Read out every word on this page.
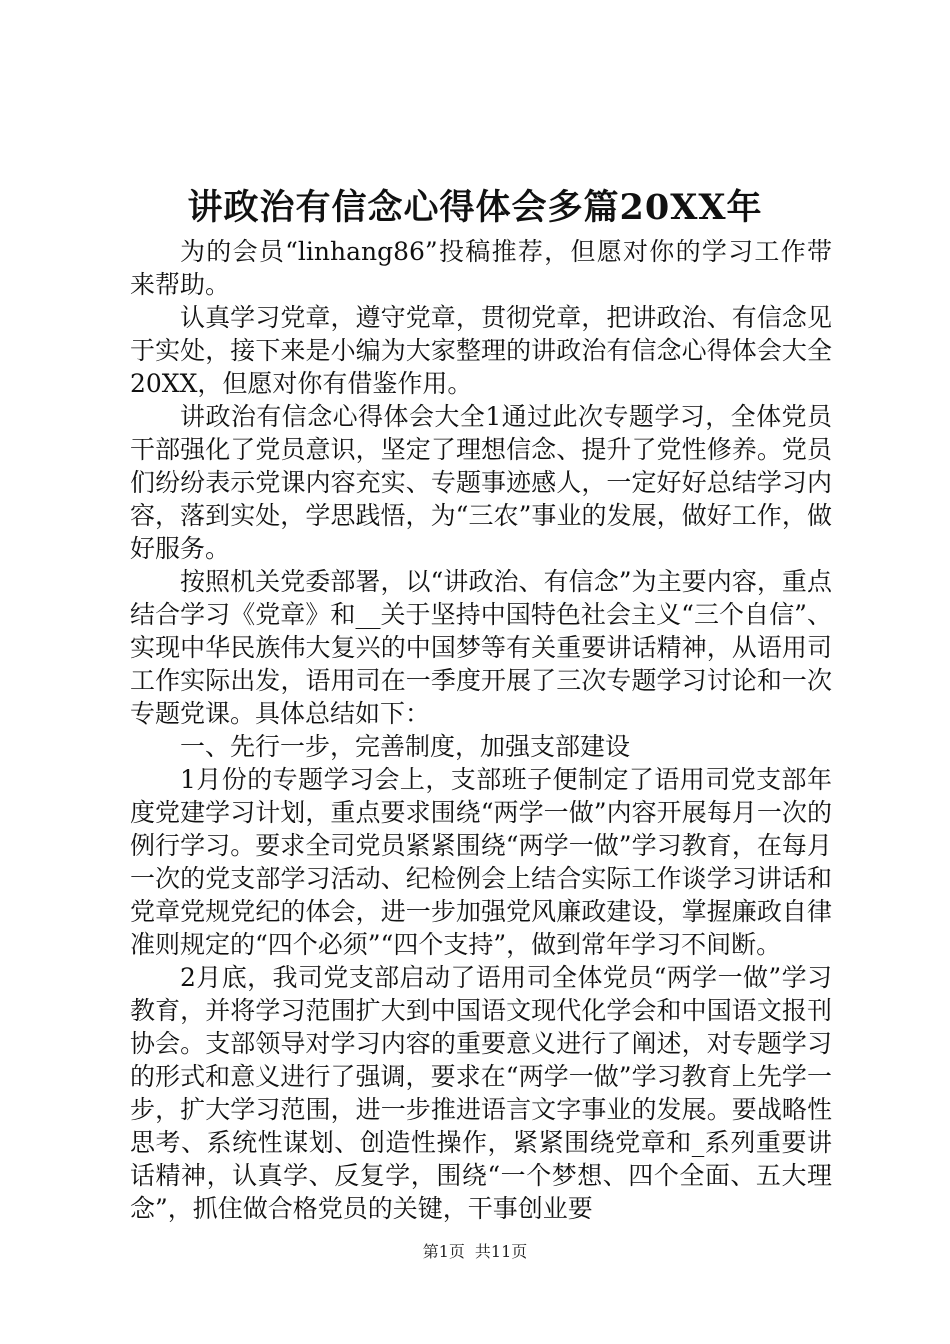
讲政治有信念心得体会多篇20XX年

为的会员“linhang86”投稿推荐，但愿对你的学习工作带来帮助。

认真学习党章，遵守党章，贯彻党章，把讲政治、有信念见于实处，接下来是小编为大家整理的讲政治有信念心得体会大全20XX，但愿对你有借鉴作用。

讲政治有信念心得体会大全1通过此次专题学习，全体党员干部强化了党员意识，坚定了理想信念、提升了党性修养。党员们纷纷表示党课内容充实、专题事迹感人，一定好好总结学习内容，落到实处，学思践悟，为“三农”事业的发展，做好工作，做好服务。

按照机关党委部署，以“讲政治、有信念”为主要内容，重点结合学习《党章》和__关于坚持中国特色社会主义“三个自信”、实现中华民族伟大复兴的中国梦等有关重要讲话精神，从语用司工作实际出发，语用司在一季度开展了三次专题学习讨论和一次专题党课。具体总结如下：

一、先行一步，完善制度，加强支部建设

1月份的专题学习会上，支部班子便制定了语用司党支部年度党建学习计划，重点要求围绕“两学一做”内容开展每月一次的例行学习。要求全司党员紧紧围绕“两学一做”学习教育，在每月一次的党支部学习活动、纪检例会上结合实际工作谈学习讲话和党章党规党纪的体会，进一步加强党风廉政建设，掌握廉政自律准则规定的“四个必须”“四个支持”，做到常年学习不间断。

2月底，我司党支部启动了语用司全体党员“两学一做”学习教育，并将学习范围扩大到中国语文现代化学会和中国语文报刊协会。支部领导对学习内容的重要意义进行了阐述，对专题学习的形式和意义进行了强调，要求在“两学一做”学习教育上先学一步，扩大学习范围，进一步推进语言文字事业的发展。要战略性思考、系统性谋划、创造性操作，紧紧围绕党章和_系列重要讲话精神，认真学、反复学，围绕“一个梦想、四个全面、五大理念”，抓住做合格党员的关键，干事创业要

第1页 共11页
